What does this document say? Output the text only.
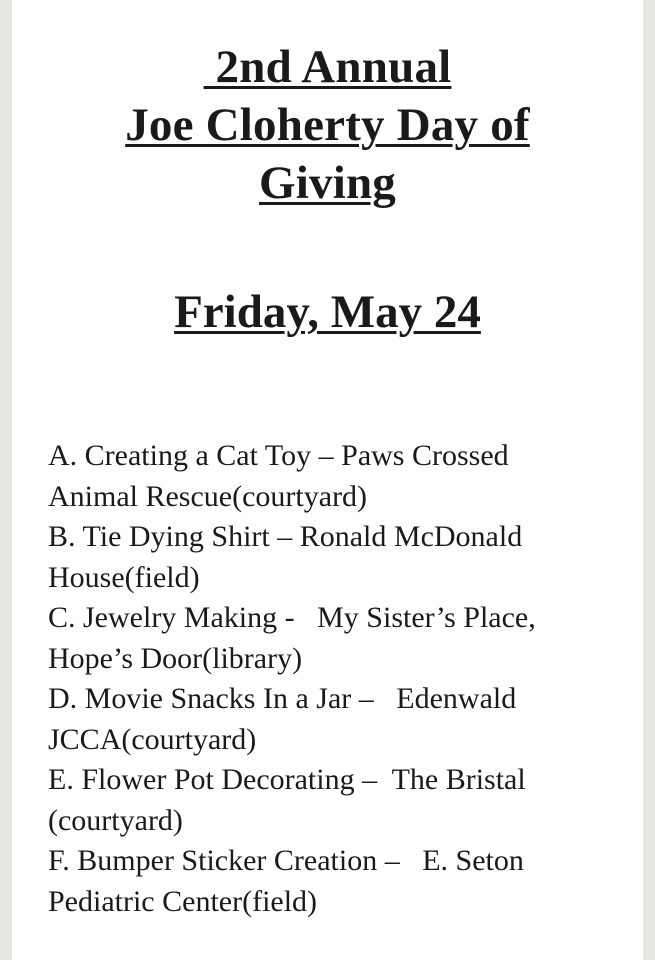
2nd Annual
Joe Cloherty Day of
Giving
Friday, May 24
A. Creating a Cat Toy – Paws Crossed
Animal Rescue(courtyard)
B. Tie Dying Shirt – Ronald McDonald
House(field)
C. Jewelry Making -   My Sister’s Place,
Hope’s Door(library)
D. Movie Snacks In a Jar –   Edenwald
JCCA(courtyard)
E. Flower Pot Decorating –  The Bristal
(courtyard)
F. Bumper Sticker Creation –   E. Seton
Pediatric Center(field)
